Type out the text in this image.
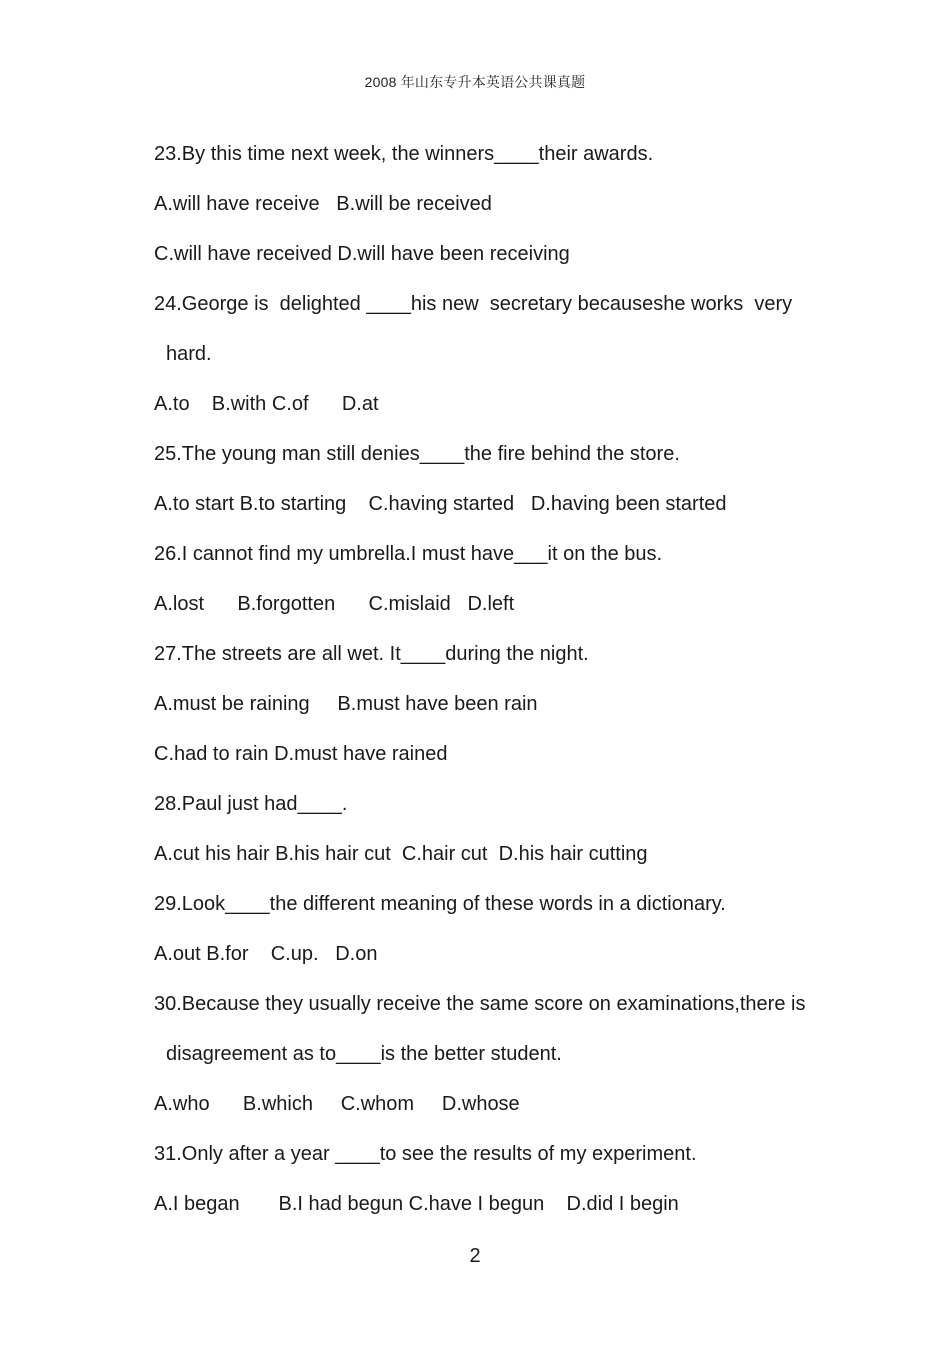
2008 年山东专升本英语公共课真题
23.By this time next week, the winners____their awards.
A.will have receive   B.will be received
C.will have received D.will have been receiving
24.George is  delighted ____his new  secretary becauseshe works  very
hard.
A.to    B.with C.of      D.at
25.The young man still denies____the fire behind the store.
A.to start B.to starting    C.having started   D.having been started
26.I cannot find my umbrella.I must have___it on the bus.
A.lost      B.forgotten      C.mislaid   D.left
27.The streets are all wet. It____during the night.
A.must be raining     B.must have been rain
C.had to rain D.must have rained
28.Paul just had____.
A.cut his hair B.his hair cut  C.hair cut  D.his hair cutting
29.Look____the different meaning of these words in a dictionary.
A.out B.for    C.up.   D.on
30.Because they usually receive the same score on examinations,there is
disagreement as to____is the better student.
A.who      B.which     C.whom     D.whose
31.Only after a year ____to see the results of my experiment.
A.I began       B.I had begun C.have I begun    D.did I begin
2
